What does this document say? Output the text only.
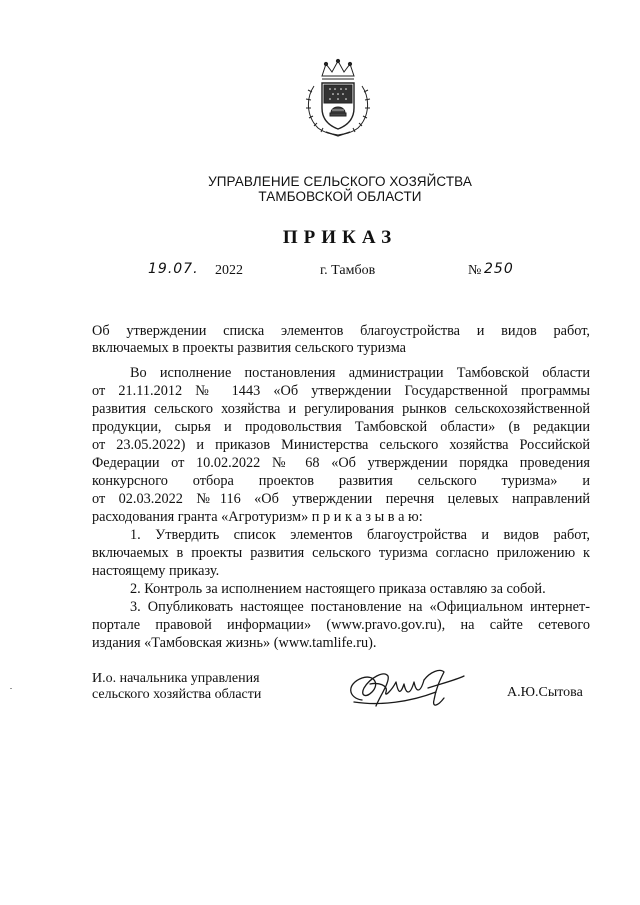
УПРАВЛЕНИЕ СЕЛЬСКОГО ХОЗЯЙСТВА
ТАМБОВСКОЙ ОБЛАСТИ
ПРИКАЗ
19.07. 2022	г. Тамбов	№ 250
Об утверждении списка элементов благоустройства и видов работ,
включаемых в проекты развития сельского туризма
Во исполнение постановления администрации Тамбовской области
от 21.11.2012 № 1443 «Об утверждении Государственной программы
развития сельского хозяйства и регулирования рынков сельскохозяйственной
продукции, сырья и продовольствия Тамбовской области» (в редакции
от 23.05.2022) и приказов Министерства сельского хозяйства Российской
Федерации от 10.02.2022 № 68 «Об утверждении порядка проведения
конкурсного отбора проектов развития сельского туризма» и
от 02.03.2022 №116 «Об утверждении перечня целевых направлений
расходования гранта «Агротуризм» п р и к а з ы в а ю:
1. Утвердить список элементов благоустройства и видов работ,
включаемых в проекты развития сельского туризма согласно приложению к
настоящему приказу.
2. Контроль за исполнением настоящего приказа оставляю за собой.
3. Опубликовать настоящее постановление на «Официальном интернет-
портале правовой информации» (www.pravo.gov.ru), на сайте сетевого
издания «Тамбовская жизнь» (www.tamlife.ru).
И.о. начальника управления
сельского хозяйства области	А.Ю.Сытова
